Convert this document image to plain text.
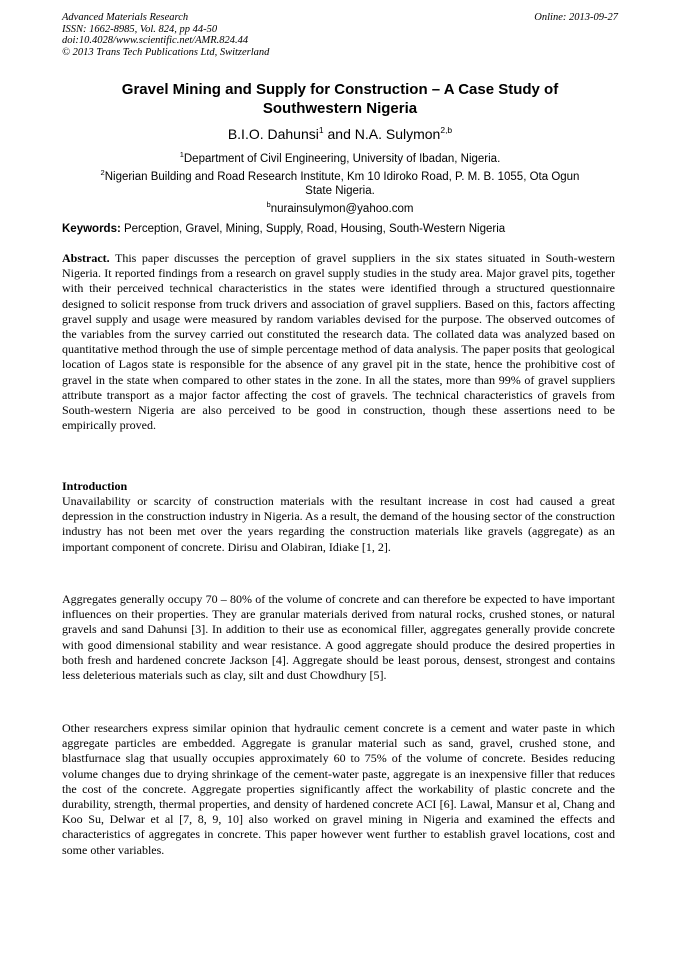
Advanced Materials Research
ISSN: 1662-8985, Vol. 824, pp 44-50
doi:10.4028/www.scientific.net/AMR.824.44
© 2013 Trans Tech Publications Ltd, Switzerland
Online: 2013-09-27
Gravel Mining and Supply for Construction – A Case Study of
Southwestern Nigeria
B.I.O. Dahunsi$^1$ and N.A. Sulymon$^{2,b}$
$^1$Department of Civil Engineering, University of Ibadan, Nigeria.
$^2$Nigerian Building and Road Research Institute, Km 10 Idiroko Road, P. M. B. 1055, Ota Ogun
State Nigeria.
$^b$nurainsulymon@yahoo.com
Keywords: Perception, Gravel, Mining, Supply, Road, Housing, South-Western Nigeria
Abstract. This paper discusses the perception of gravel suppliers in the six states situated in South-western Nigeria. It reported findings from a research on gravel supply studies in the study area. Major gravel pits, together with their perceived technical characteristics in the states were identified through a structured questionnaire designed to solicit response from truck drivers and association of gravel suppliers. Based on this, factors affecting gravel supply and usage were measured by random variables devised for the purpose. The observed outcomes of the variables from the survey carried out constituted the research data. The collated data was analyzed based on quantitative method through the use of simple percentage method of data analysis. The paper posits that geological location of Lagos state is responsible for the absence of any gravel pit in the state, hence the prohibitive cost of gravel in the state when compared to other states in the zone. In all the states, more than 99% of gravel suppliers attribute transport as a major factor affecting the cost of gravels. The technical characteristics of gravels from South-western Nigeria are also perceived to be good in construction, though these assertions need to be empirically proved.
Introduction
Unavailability or scarcity of construction materials with the resultant increase in cost had caused a great depression in the construction industry in Nigeria. As a result, the demand of the housing sector of the construction industry has not been met over the years regarding the construction materials like gravels (aggregate) as an important component of concrete. Dirisu and Olabiran, Idiake [1, 2].
Aggregates generally occupy 70 – 80% of the volume of concrete and can therefore be expected to have important influences on their properties. They are granular materials derived from natural rocks, crushed stones, or natural gravels and sand Dahunsi [3]. In addition to their use as economical filler, aggregates generally provide concrete with good dimensional stability and wear resistance. A good aggregate should produce the desired properties in both fresh and hardened concrete Jackson [4]. Aggregate should be least porous, densest, strongest and contains less deleterious materials such as clay, silt and dust Chowdhury [5].
Other researchers express similar opinion that hydraulic cement concrete is a cement and water paste in which aggregate particles are embedded. Aggregate is granular material such as sand, gravel, crushed stone, and blastfurnace slag that usually occupies approximately 60 to 75% of the volume of concrete. Besides reducing volume changes due to drying shrinkage of the cement-water paste, aggregate is an inexpensive filler that reduces the cost of the concrete. Aggregate properties significantly affect the workability of plastic concrete and the durability, strength, thermal properties, and density of hardened concrete ACI [6]. Lawal, Mansur et al, Chang and Koo Su, Delwar et al [7, 8, 9, 10] also worked on gravel mining in Nigeria and examined the effects and characteristics of aggregates in concrete. This paper however went further to establish gravel locations, cost and some other variables.
